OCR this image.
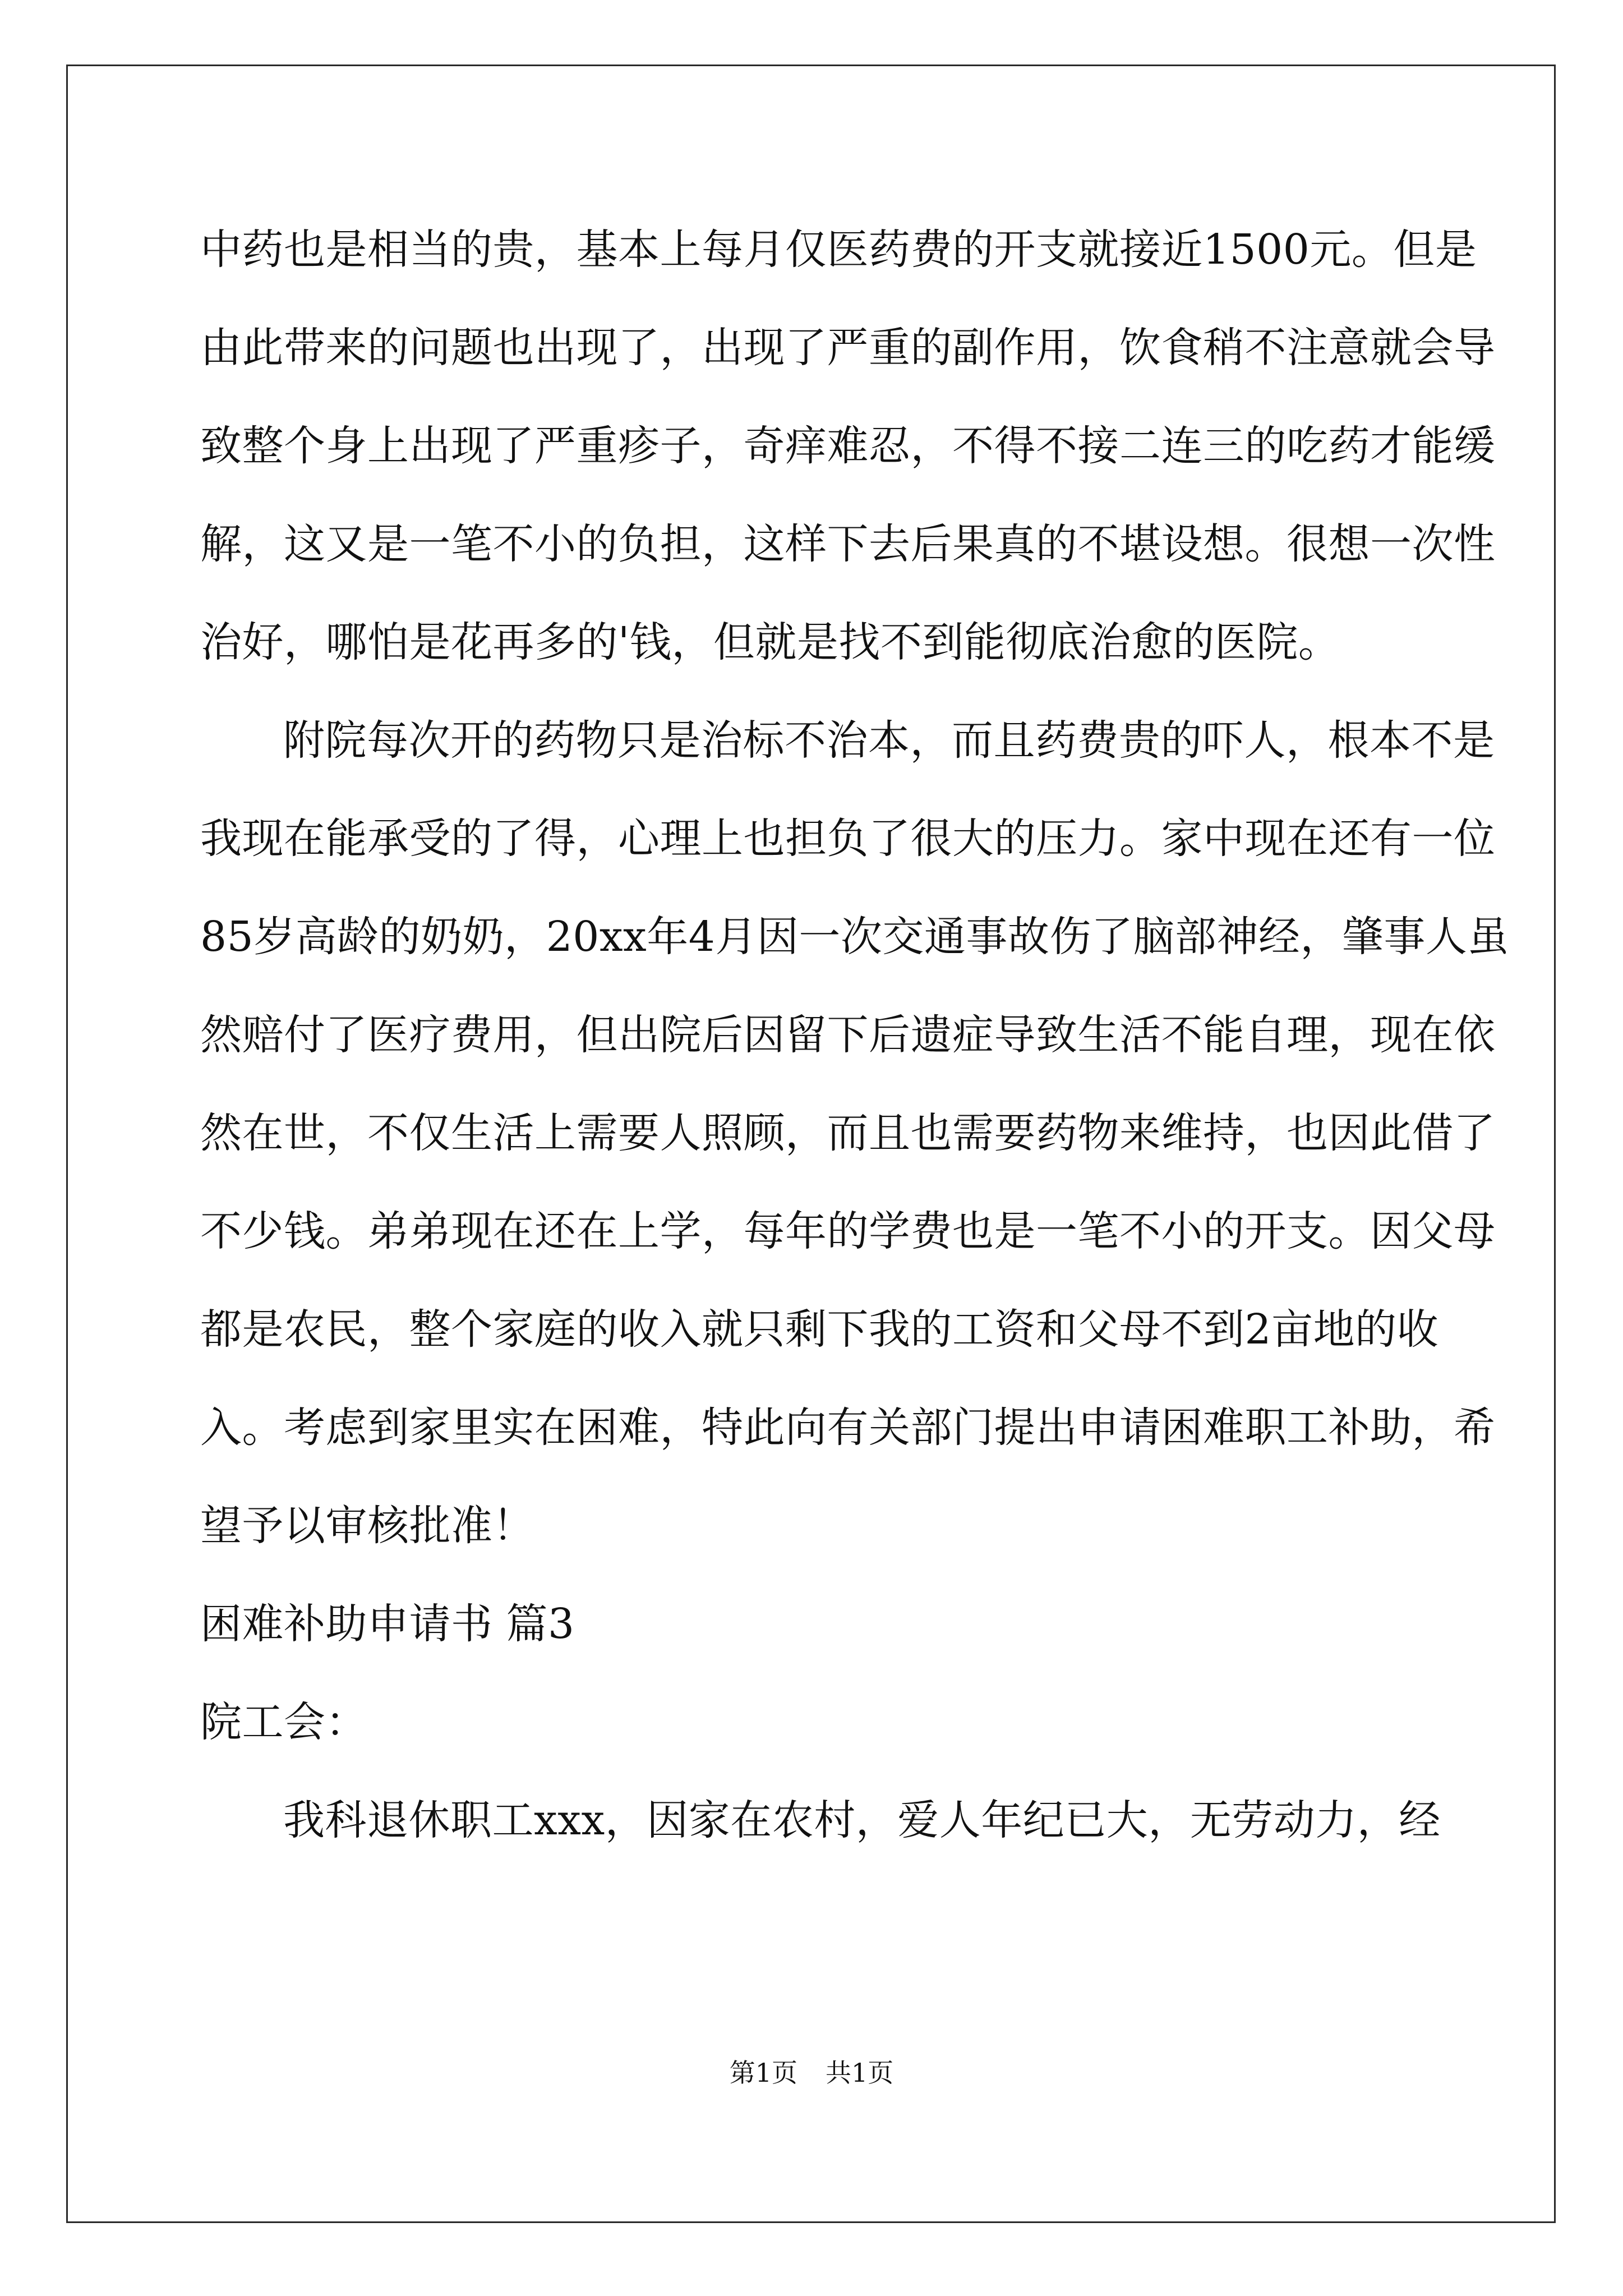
中药也是相当的贵，基本上每月仅医药费的开支就接近1500元。但是
由此带来的问题也出现了，出现了严重的副作用，饮食稍不注意就会导
致整个身上出现了严重疹子，奇痒难忍，不得不接二连三的吃药才能缓
解，这又是一笔不小的负担，这样下去后果真的不堪设想。很想一次性
治好，哪怕是花再多的'钱，但就是找不到能彻底治愈的医院。
附院每次开的药物只是治标不治本，而且药费贵的吓人，根本不是
我现在能承受的了得，心理上也担负了很大的压力。家中现在还有一位
85岁高龄的奶奶，20xx年4月因一次交通事故伤了脑部神经，肇事人虽
然赔付了医疗费用，但出院后因留下后遗症导致生活不能自理，现在依
然在世，不仅生活上需要人照顾，而且也需要药物来维持，也因此借了
不少钱。弟弟现在还在上学，每年的学费也是一笔不小的开支。因父母
都是农民，整个家庭的收入就只剩下我的工资和父母不到2亩地的收
入。考虑到家里实在困难，特此向有关部门提出申请困难职工补助，希
望予以审核批准！
困难补助申请书 篇3
院工会：
我科退休职工xxx，因家在农村，爱人年纪已大，无劳动力，经
第1页 共1页
